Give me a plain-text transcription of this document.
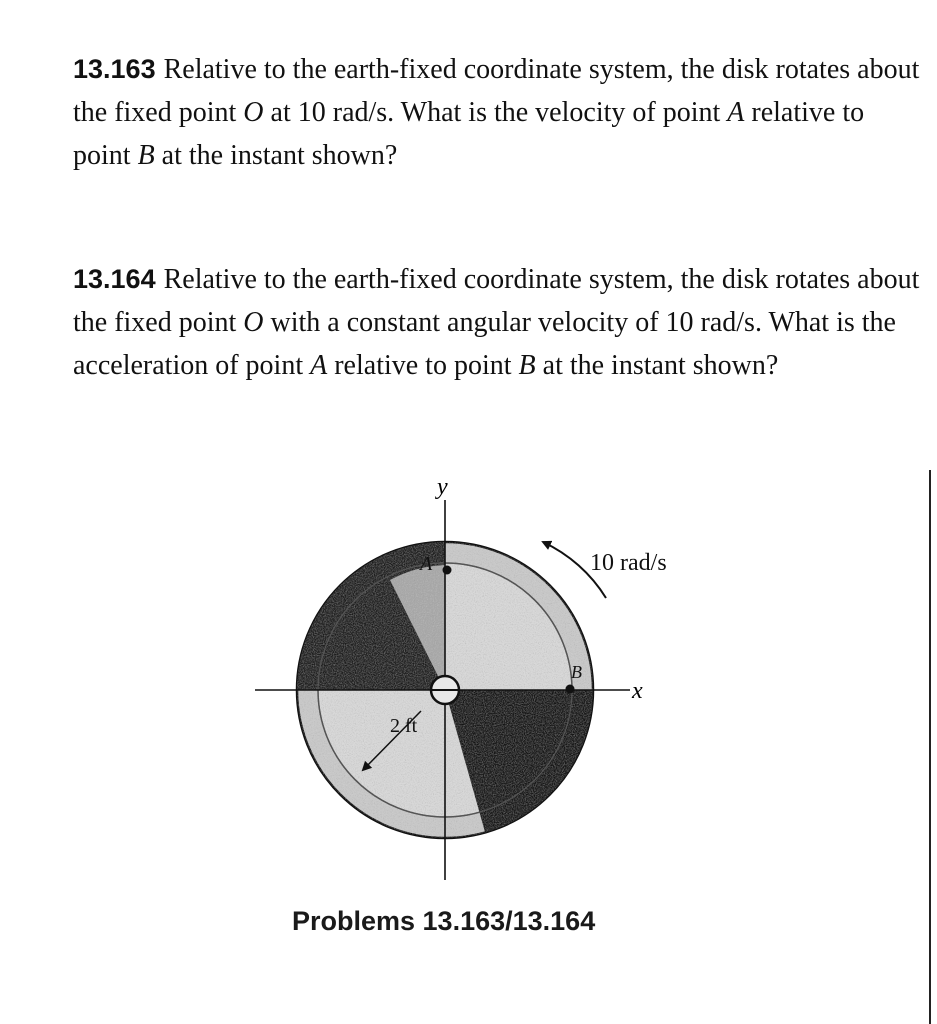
13.163 Relative to the earth-fixed coordinate system, the disk rotates about the fixed point O at 10 rad/s. What is the velocity of point A relative to point B at the instant shown?
13.164 Relative to the earth-fixed coordinate system, the disk rotates about the fixed point O with a constant angular velocity of 10 rad/s. What is the acceleration of point A relative to point B at the instant shown?
y
x
A
B
O
2 ft
10 rad/s
Problems 13.163/13.164
